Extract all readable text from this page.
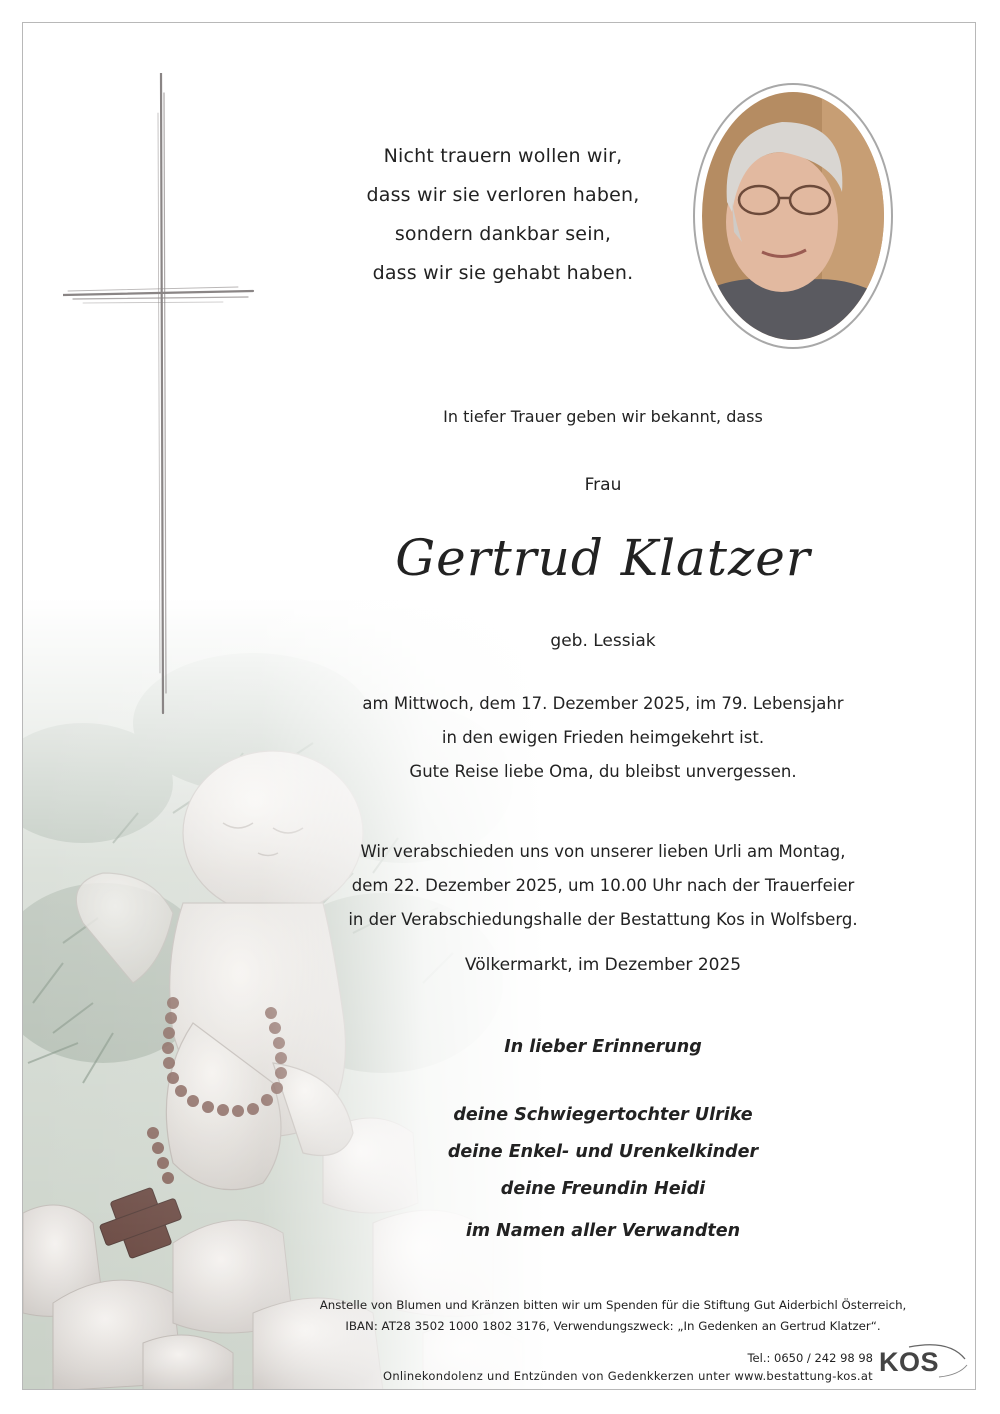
Nicht trauern wollen wir,
dass wir sie verloren haben,
sondern dankbar sein,
dass wir sie gehabt haben.
In tiefer Trauer geben wir bekannt, dass
Frau
Gertrud Klatzer
geb. Lessiak
am Mittwoch, dem 17. Dezember 2025, im 79. Lebensjahr
in den ewigen Frieden heimgekehrt ist.
Gute Reise liebe Oma, du bleibst unvergessen.
Wir verabschieden uns von unserer lieben Urli am Montag,
dem 22. Dezember 2025, um 10.00 Uhr nach der Trauerfeier
in der Verabschiedungshalle der Bestattung Kos in Wolfsberg.
Völkermarkt, im Dezember 2025
In lieber Erinnerung
deine Schwiegertochter Ulrike
deine Enkel- und Urenkelkinder
deine Freundin Heidi
im Namen aller Verwandten
Anstelle von Blumen und Kränzen bitten wir um Spenden für die Stiftung Gut Aiderbichl Österreich,
IBAN: AT28 3502 1000 1802 3176, Verwendungszweck: „In Gedenken an Gertrud Klatzer“.
Tel.: 0650 / 242 98 98
Onlinekondolenz und Entzünden von Gedenkkerzen unter www.bestattung-kos.at KOS
